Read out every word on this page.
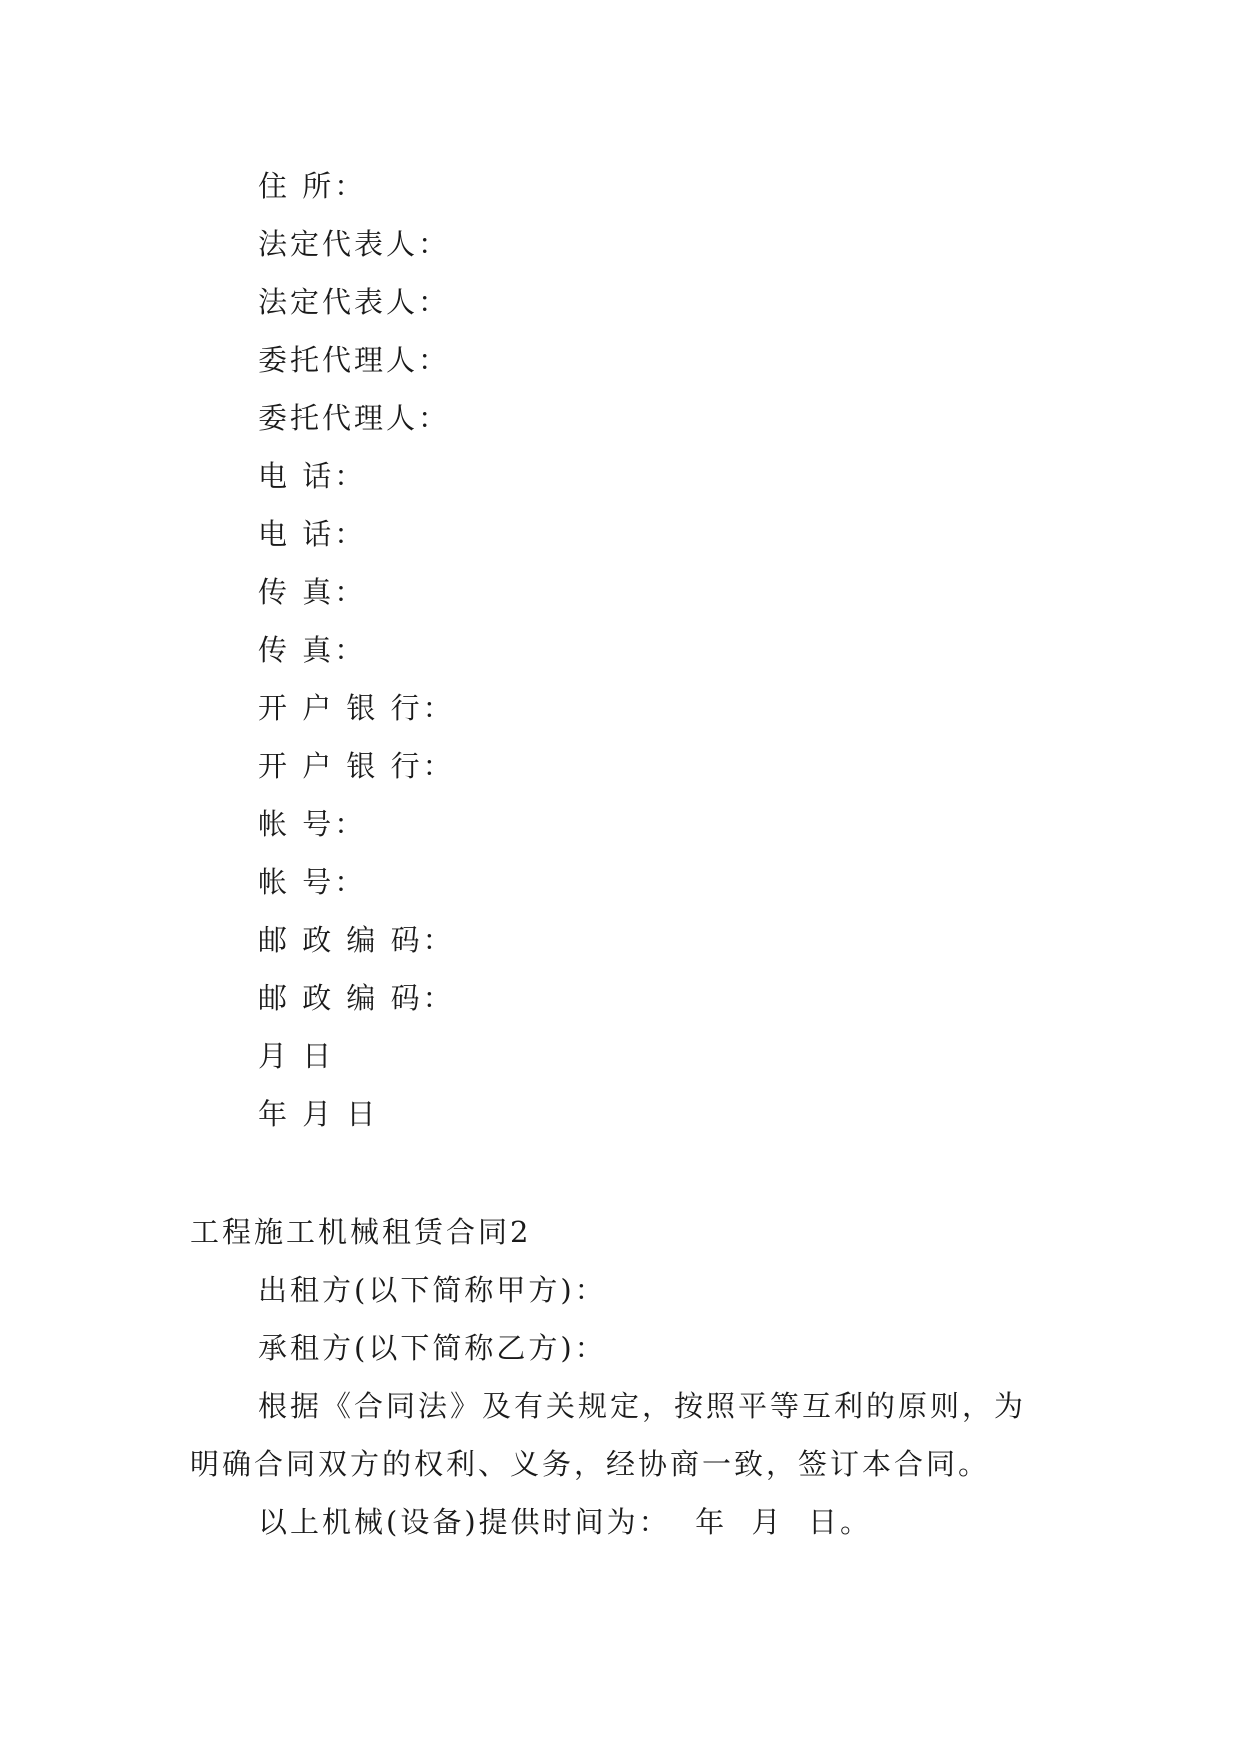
住 所：
法定代表人：
法定代表人：
委托代理人：
委托代理人：
电 话：
电 话：
传 真：
传 真：
开 户 银 行：
开 户 银 行：
帐 号：
帐 号：
邮 政 编 码：
邮 政 编 码：
月 日
年 月 日
工程施工机械租赁合同2
出租方(以下简称甲方)：
承租方(以下简称乙方)：
根据《合同法》及有关规定，按照平等互利的原则，为
明确合同双方的权利、义务，经协商一致，签订本合同。
以上机械(设备)提供时间为：  年  月  日。
